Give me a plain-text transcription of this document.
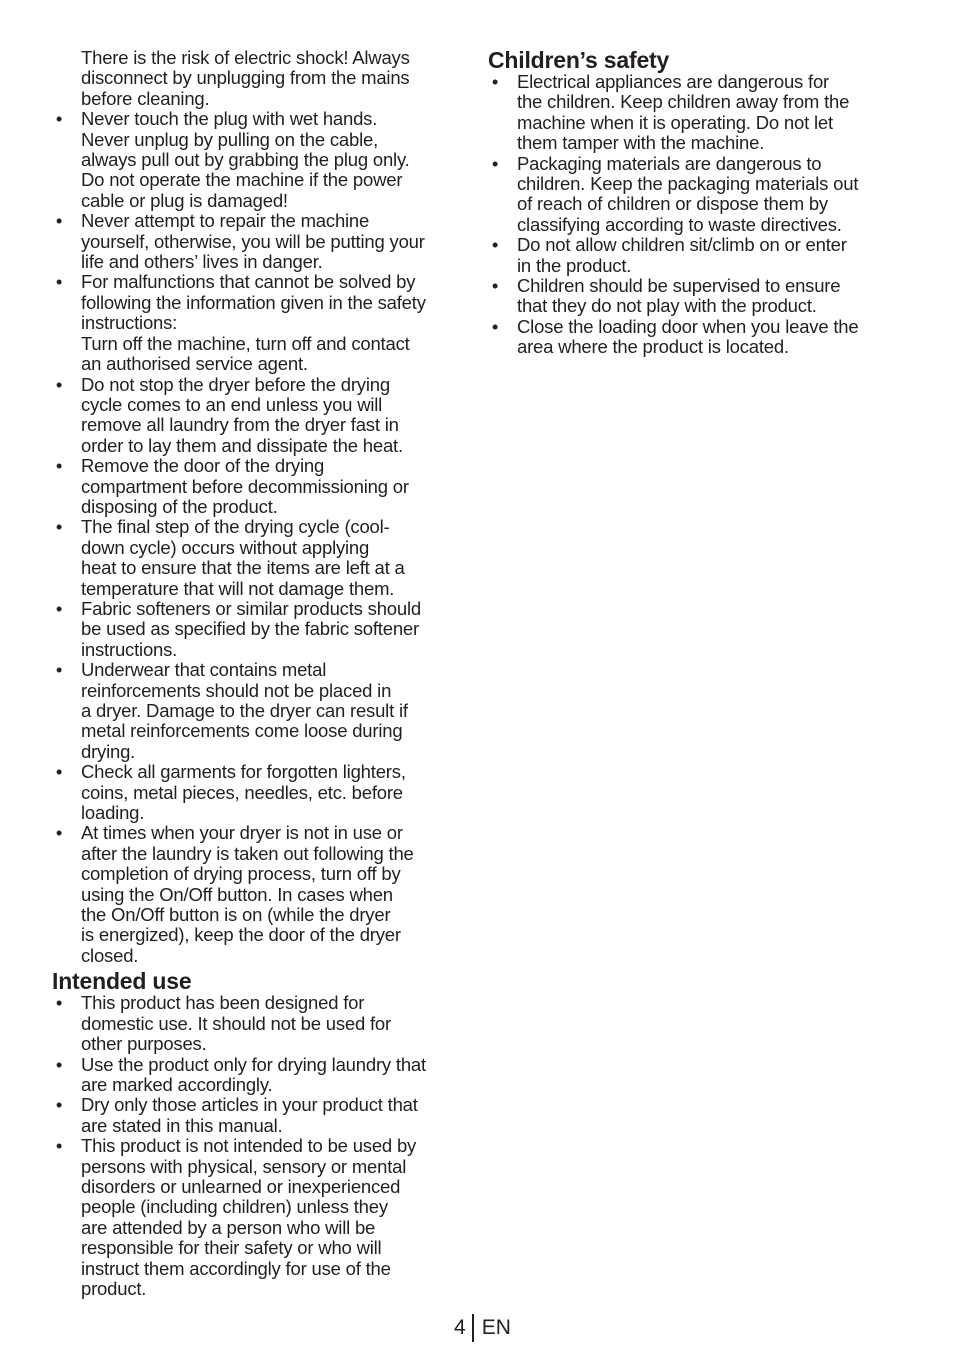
There is the risk of electric shock! Always
disconnect by unplugging from the mains
before cleaning.

• Never touch the plug with wet hands.
Never unplug by pulling on the cable,
always pull out by grabbing the plug only.
Do not operate the machine if the power
cable or plug is damaged!
• Never attempt to repair the machine
yourself, otherwise, you will be putting your
life and others’ lives in danger.
• For malfunctions that cannot be solved by
following the information given in the safety
instructions:
Turn off the machine, turn off and contact
an authorised service agent.
• Do not stop the dryer before the drying
cycle comes to an end unless you will
remove all laundry from the dryer fast in
order to lay them and dissipate the heat.
• Remove the door of the drying
compartment before decommissioning or
disposing of the product.
• The final step of the drying cycle (cool-
down cycle) occurs without applying
heat to ensure that the items are left at a
temperature that will not damage them.
• Fabric softeners or similar products should
be used as specified by the fabric softener
instructions.
• Underwear that contains metal
reinforcements should not be placed in
a dryer. Damage to the dryer can result if
metal reinforcements come loose during
drying.
• Check all garments for forgotten lighters,
coins, metal pieces, needles, etc. before
loading.
• At times when your dryer is not in use or
after the laundry is taken out following the
completion of drying process, turn off by
using the On/Off button. In cases when
the On/Off button is on (while the dryer
is energized), keep the door of the dryer
closed.
Intended use
• This product has been designed for
domestic use. It should not be used for
other purposes.
• Use the product only for drying laundry that
are marked accordingly.
• Dry only those articles in your product that
are stated in this manual.
• This product is not intended to be used by
persons with physical, sensory or mental
disorders or unlearned or inexperienced
people (including children) unless they
are attended by a person who will be
responsible for their safety or who will
instruct them accordingly for use of the
product.
Children’s safety
• Electrical appliances are dangerous for
the children. Keep children away from the
machine when it is operating. Do not let
them tamper with the machine.
• Packaging materials are dangerous to
children. Keep the packaging materials out
of reach of children or dispose them by
classifying according to waste directives.
• Do not allow children sit/climb on or enter
in the product.
• Children should be supervised to ensure
that they do not play with the product.
• Close the loading door when you leave the
area where the product is located.
4 EN
